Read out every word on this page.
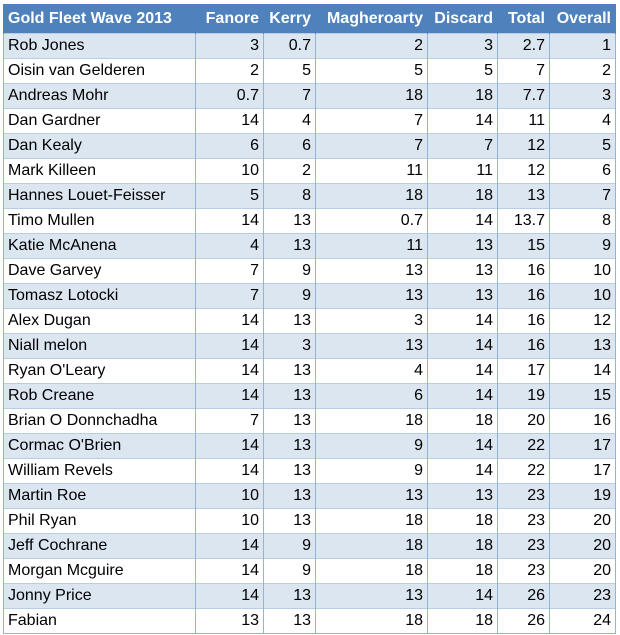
Gold Fleet Wave 2013	Fanore	Kerry	Magheroarty	Discard	Total	Overall
Rob Jones	3	0.7	2	3	2.7	1
Oisin van Gelderen	2	5	5	5	7	2
Andreas Mohr	0.7	7	18	18	7.7	3
Dan Gardner	14	4	7	14	11	4
Dan Kealy	6	6	7	7	12	5
Mark Killeen	10	2	11	11	12	6
Hannes Louet-Feisser	5	8	18	18	13	7
Timo Mullen	14	13	0.7	14	13.7	8
Katie McAnena	4	13	11	13	15	9
Dave Garvey	7	9	13	13	16	10
Tomasz Lotocki	7	9	13	13	16	10
Alex Dugan	14	13	3	14	16	12
Niall melon	14	3	13	14	16	13
Ryan O'Leary	14	13	4	14	17	14
Rob Creane	14	13	6	14	19	15
Brian O Donnchadha	7	13	18	18	20	16
Cormac O'Brien	14	13	9	14	22	17
William Revels	14	13	9	14	22	17
Martin Roe	10	13	13	13	23	19
Phil Ryan	10	13	18	18	23	20
Jeff Cochrane	14	9	18	18	23	20
Morgan Mcguire	14	9	18	18	23	20
Jonny Price	14	13	13	14	26	23
Fabian	13	13	18	18	26	24
